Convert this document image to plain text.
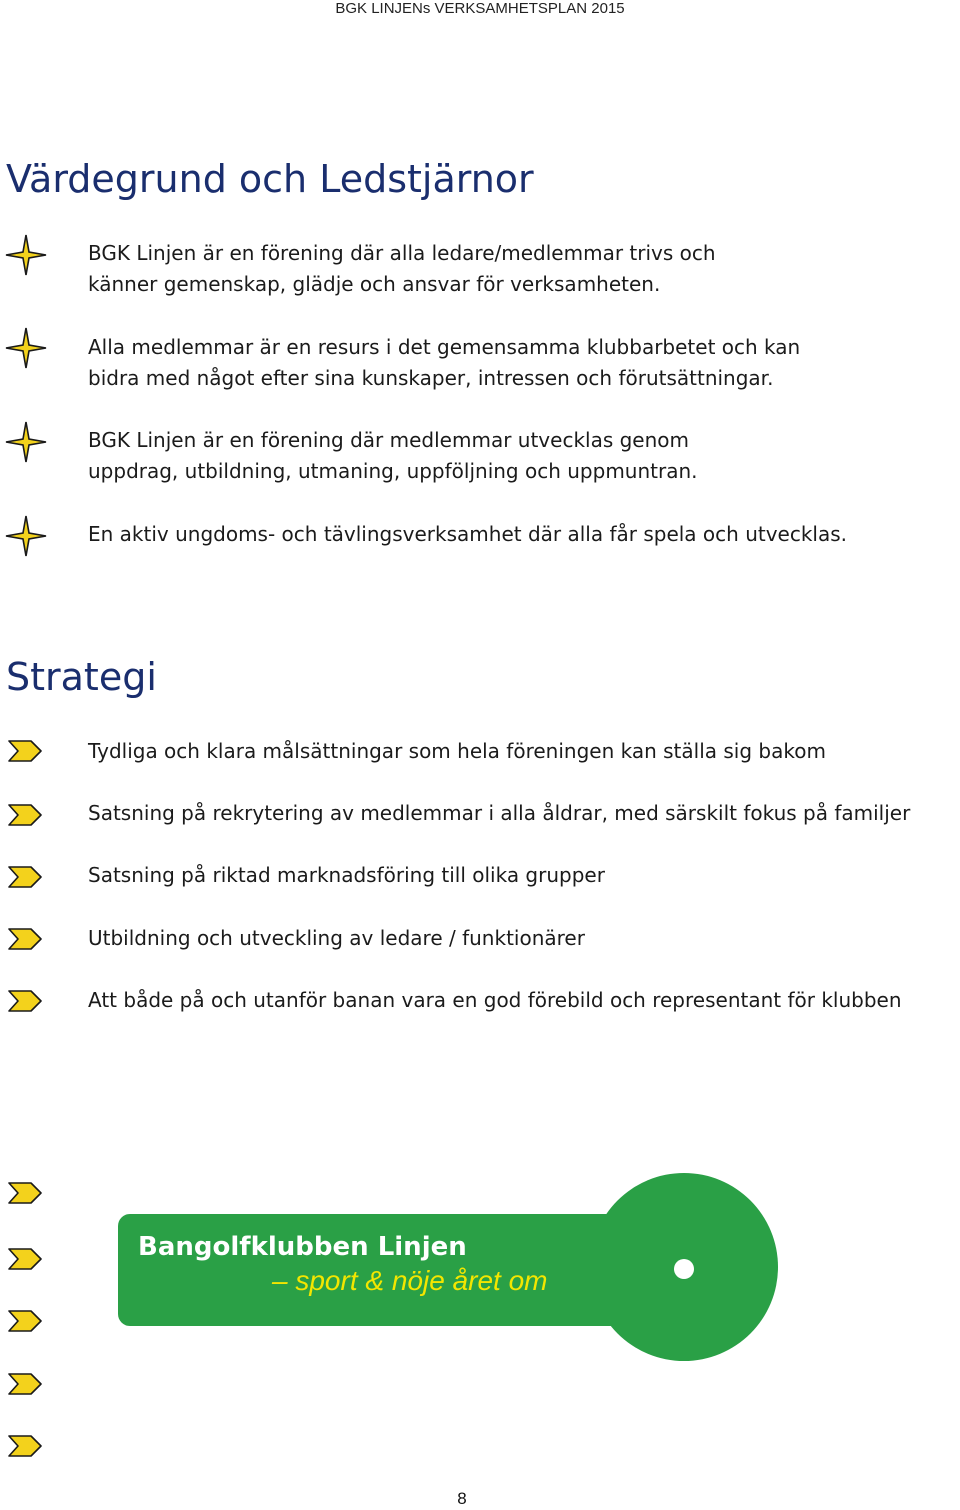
BGK LINJENs VERKSAMHETSPLAN 2015
Värdegrund och Ledstjärnor

BGK Linjen är en förening där alla ledare/medlemmar trivs och
känner gemenskap, glädje och ansvar för verksamheten.

Alla medlemmar är en resurs i det gemensamma klubbarbetet och kan
bidra med något efter sina kunskaper, intressen och förutsättningar.

BGK Linjen är en förening där medlemmar utvecklas genom
uppdrag, utbildning, utmaning, uppföljning och uppmuntran.

En aktiv ungdoms- och tävlingsverksamhet där alla får spela och utvecklas.

Strategi

Tydliga och klara målsättningar som hela föreningen kan ställa sig bakom

Satsning på rekrytering av medlemmar i alla åldrar, med särskilt fokus på familjer

Satsning på riktad marknadsföring till olika grupper

Utbildning och utveckling av ledare / funktionärer

Att både på och utanför banan vara en god förebild och representant för klubben

Bangolfklubben Linjen

– sport & nöje året om

8
